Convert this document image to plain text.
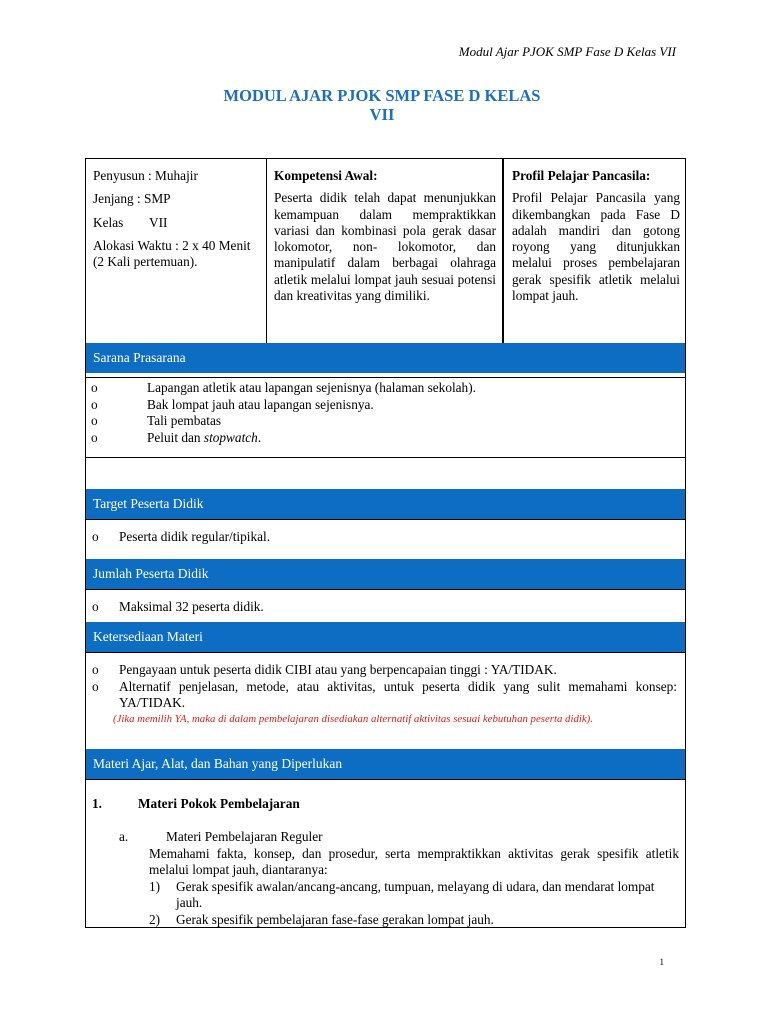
Modul Ajar PJOK SMP Fase D Kelas VII
MODUL AJAR PJOK SMP FASE D KELAS
VII
Penyusun : Muhajir
Jenjang : SMP
Kelas VII
Alokasi Waktu : 2 x 40 Menit (2 Kali pertemuan).
Kompetensi Awal:
Peserta didik telah dapat menunjukkan kemampuan dalam mempraktikkan variasi dan kombinasi pola gerak dasar lokomotor, non- lokomotor, dan manipulatif dalam berbagai olahraga atletik melalui lompat jauh sesuai potensi dan kreativitas yang dimiliki.
Profil Pelajar Pancasila:
Profil Pelajar Pancasila yang dikembangkan pada Fase D adalah mandiri dan gotong royong yang ditunjukkan melalui proses pembelajaran gerak spesifik atletik melalui lompat jauh.
Sarana Prasarana
o	Lapangan atletik atau lapangan sejenisnya (halaman sekolah).
o	Bak lompat jauh atau lapangan sejenisnya.
o	Tali pembatas
o	Peluit dan stopwatch.
Target Peserta Didik
o Peserta didik regular/tipikal.
Jumlah Peserta Didik
o Maksimal 32 peserta didik.
Ketersediaan Materi
o Pengayaan untuk peserta didik CIBI atau yang berpencapaian tinggi : YA/TIDAK.
o Alternatif penjelasan, metode, atau aktivitas, untuk peserta didik yang sulit memahami konsep: YA/TIDAK.
(Jika memilih YA, maka di dalam pembelajaran disediakan alternatif aktivitas sesuai kebutuhan peserta didik).
Materi Ajar, Alat, dan Bahan yang Diperlukan
1.	Materi Pokok Pembelajaran
a.	Materi Pembelajaran Reguler
Memahami fakta, konsep, dan prosedur, serta mempraktikkan aktivitas gerak spesifik atletik melalui lompat jauh, diantaranya:
1) Gerak spesifik awalan/ancang-ancang, tumpuan, melayang di udara, dan mendarat lompat jauh.
2) Gerak spesifik pembelajaran fase-fase gerakan lompat jauh.
1
